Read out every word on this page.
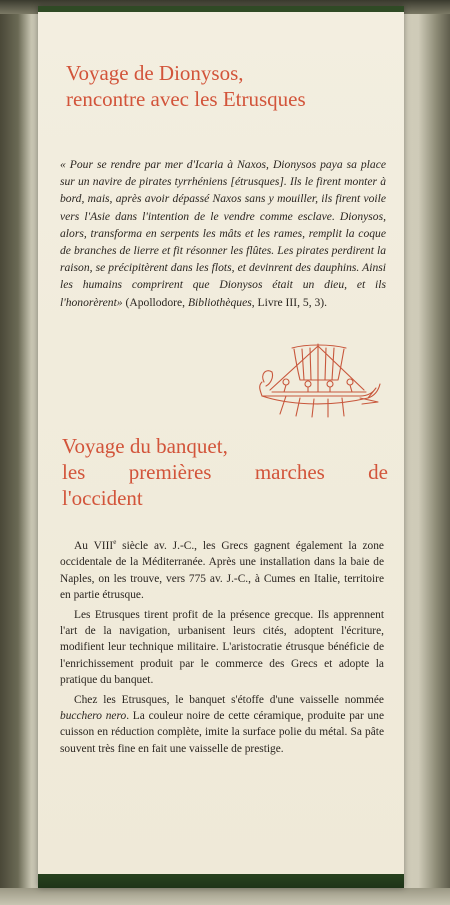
Voyage de Dionysos,
rencontre avec les Etrusques

« Pour se rendre par mer d'Icaria à Naxos, Dionysos paya sa place sur un navire de pirates tyrrhéniens [étrusques]. Ils le firent monter à bord, mais, après avoir dépassé Naxos sans y mouiller, ils firent voile vers l'Asie dans l'intention de le vendre comme esclave. Dionysos, alors, transforma en serpents les mâts et les rames, remplit la coque de branches de lierre et fit résonner les flûtes. Les pirates perdirent la raison, se précipitèrent dans les flots, et devinrent des dauphins. Ainsi les humains comprirent que Dionysos était un dieu, et ils l'honorèrent» (Apollodore, Bibliothèques, Livre III, 5, 3).

Voyage du banquet,
les premières marches de
l'occident

Au VIIIe siècle av. J.-C., les Grecs gagnent également la zone occidentale de la Méditerranée. Après une installation dans la baie de Naples, on les trouve, vers 775 av. J.-C., à Cumes en Italie, territoire en partie étrusque.

Les Etrusques tirent profit de la présence grecque. Ils apprennent l'art de la navigation, urbanisent leurs cités, adoptent l'écriture, modifient leur technique militaire. L'aristocratie étrusque bénéficie de l'enrichissement produit par le commerce des Grecs et adopte la pratique du banquet.

Chez les Etrusques, le banquet s'étoffe d'une vaisselle nommée bucchero nero. La couleur noire de cette céramique, produite par une cuisson en réduction complète, imite la surface polie du métal. Sa pâte souvent très fine en fait une vaisselle de prestige.
